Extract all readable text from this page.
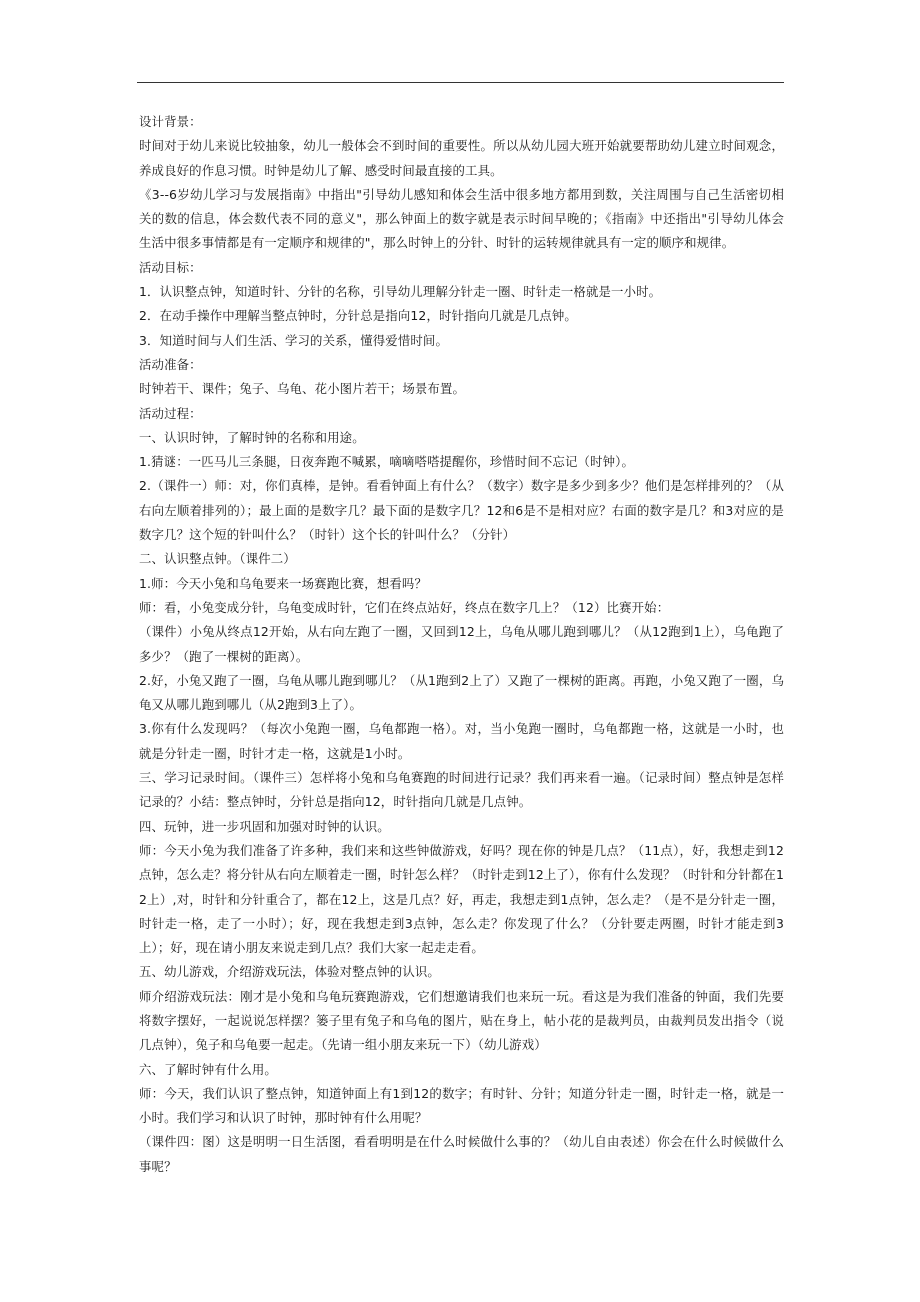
设计背景：

时间对于幼儿来说比较抽象，幼儿一般体会不到时间的重要性。所以从幼儿园大班开始就要帮助幼儿建立时间观念，养成良好的作息习惯。时钟是幼儿了解、感受时间最直接的工具。

《3--6岁幼儿学习与发展指南》中指出"引导幼儿感知和体会生活中很多地方都用到数，关注周围与自己生活密切相关的数的信息，体会数代表不同的意义"，那么钟面上的数字就是表示时间早晚的；《指南》中还指出"引导幼儿体会生活中很多事情都是有一定顺序和规律的"，那么时钟上的分针、时针的运转规律就具有一定的顺序和规律。

活动目标：

1．认识整点钟，知道时针、分针的名称，引导幼儿理解分针走一圈、时针走一格就是一小时。

2．在动手操作中理解当整点钟时，分针总是指向12，时针指向几就是几点钟。

3．知道时间与人们生活、学习的关系，懂得爱惜时间。

活动准备：

时钟若干、课件；兔子、乌龟、花小图片若干；场景布置。

活动过程：

一、认识时钟，了解时钟的名称和用途。

1.猜谜：一匹马儿三条腿，日夜奔跑不喊累，嘀嘀嗒嗒提醒你，珍惜时间不忘记（时钟）。

2.（课件一）师：对，你们真棒，是钟。看看钟面上有什么？（数字）数字是多少到多少？他们是怎样排列的？（从右向左顺着排列的）；最上面的是数字几？最下面的是数字几？12和6是不是相对应？右面的数字是几？和3对应的是数字几？这个短的针叫什么？（时针）这个长的针叫什么？（分针）

二、认识整点钟。（课件二）

1.师：今天小兔和乌龟要来一场赛跑比赛，想看吗？

师：看，小兔变成分针，乌龟变成时针，它们在终点站好，终点在数字几上？（12）比赛开始：

（课件）小兔从终点12开始，从右向左跑了一圈，又回到12上，乌龟从哪儿跑到哪儿？（从12跑到1上），乌龟跑了多少？（跑了一棵树的距离）。

2.好，小兔又跑了一圈，乌龟从哪儿跑到哪儿？（从1跑到2上了）又跑了一棵树的距离。再跑，小兔又跑了一圈，乌龟又从哪儿跑到哪儿（从2跑到3上了）。

3.你有什么发现吗？（每次小兔跑一圈，乌龟都跑一格）。对，当小兔跑一圈时，乌龟都跑一格，这就是一小时，也就是分针走一圈，时针才走一格，这就是1小时。

三、学习记录时间。（课件三）怎样将小兔和乌龟赛跑的时间进行记录？我们再来看一遍。（记录时间）整点钟是怎样记录的？小结：整点钟时，分针总是指向12，时针指向几就是几点钟。

四、玩钟，进一步巩固和加强对时钟的认识。

师：今天小兔为我们准备了许多种，我们来和这些钟做游戏，好吗？现在你的钟是几点？（11点），好，我想走到12点钟，怎么走？将分针从右向左顺着走一圈，时针怎么样？（时针走到12上了），你有什么发现？（时针和分针都在12上）,对，时针和分针重合了，都在12上，这是几点？好，再走，我想走到1点钟，怎么走？（是不是分针走一圈，时针走一格，走了一小时）；好，现在我想走到3点钟，怎么走？你发现了什么？（分针要走两圈，时针才能走到3上）；好，现在请小朋友来说走到几点？我们大家一起走走看。

五、幼儿游戏，介绍游戏玩法，体验对整点钟的认识。

师介绍游戏玩法：刚才是小兔和乌龟玩赛跑游戏，它们想邀请我们也来玩一玩。看这是为我们准备的钟面，我们先要将数字摆好，一起说说怎样摆？篓子里有兔子和乌龟的图片，贴在身上，帖小花的是裁判员，由裁判员发出指令（说几点钟），兔子和乌龟要一起走。（先请一组小朋友来玩一下）（幼儿游戏）

六、了解时钟有什么用。

师：今天，我们认识了整点钟，知道钟面上有1到12的数字；有时针、分针；知道分针走一圈，时针走一格，就是一小时。我们学习和认识了时钟，那时钟有什么用呢？

（课件四：图）这是明明一日生活图，看看明明是在什么时候做什么事的？（幼儿自由表述）你会在什么时候做什么事呢？
